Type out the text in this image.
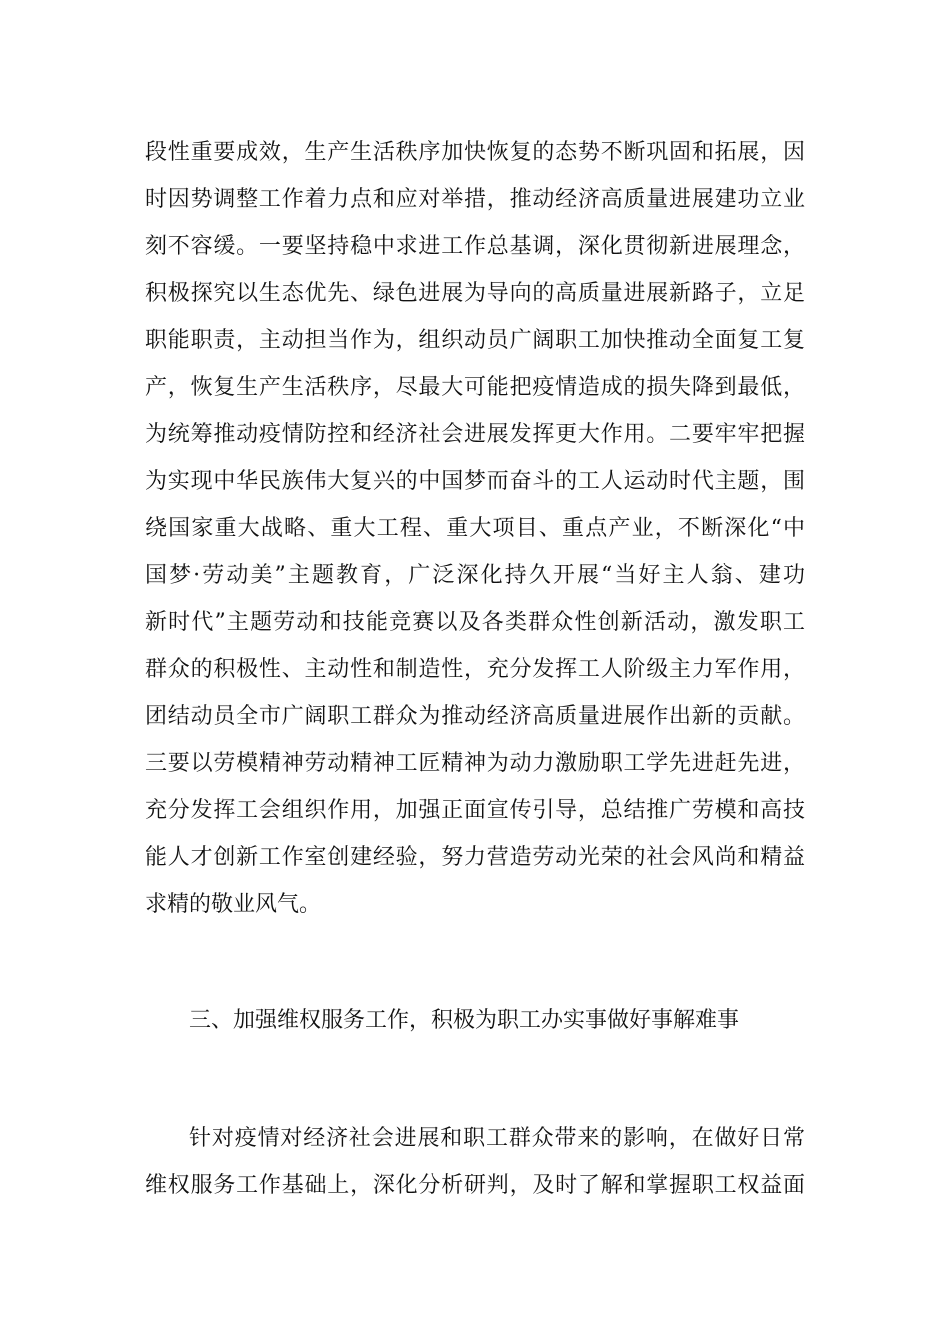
段性重要成效，生产生活秩序加快恢复的态势不断巩固和拓展，因
时因势调整工作着力点和应对举措，推动经济高质量进展建功立业
刻不容缓。一要坚持稳中求进工作总基调，深化贯彻新进展理念，
积极探究以生态优先、绿色进展为导向的高质量进展新路子，立足
职能职责，主动担当作为，组织动员广阔职工加快推动全面复工复
产，恢复生产生活秩序，尽最大可能把疫情造成的损失降到最低，
为统筹推动疫情防控和经济社会进展发挥更大作用。二要牢牢把握
为实现中华民族伟大复兴的中国梦而奋斗的工人运动时代主题，围
绕国家重大战略、重大工程、重大项目、重点产业，不断深化“中
国梦·劳动美”主题教育，广泛深化持久开展“当好主人翁、建功
新时代”主题劳动和技能竞赛以及各类群众性创新活动，激发职工
群众的积极性、主动性和制造性，充分发挥工人阶级主力军作用，
团结动员全市广阔职工群众为推动经济高质量进展作出新的贡献。
三要以劳模精神劳动精神工匠精神为动力激励职工学先进赶先进，
充分发挥工会组织作用，加强正面宣传引导，总结推广劳模和高技
能人才创新工作室创建经验，努力营造劳动光荣的社会风尚和精益
求精的敬业风气。
三、加强维权服务工作，积极为职工办实事做好事解难事
针对疫情对经济社会进展和职工群众带来的影响，在做好日常
维权服务工作基础上，深化分析研判，及时了解和掌握职工权益面
